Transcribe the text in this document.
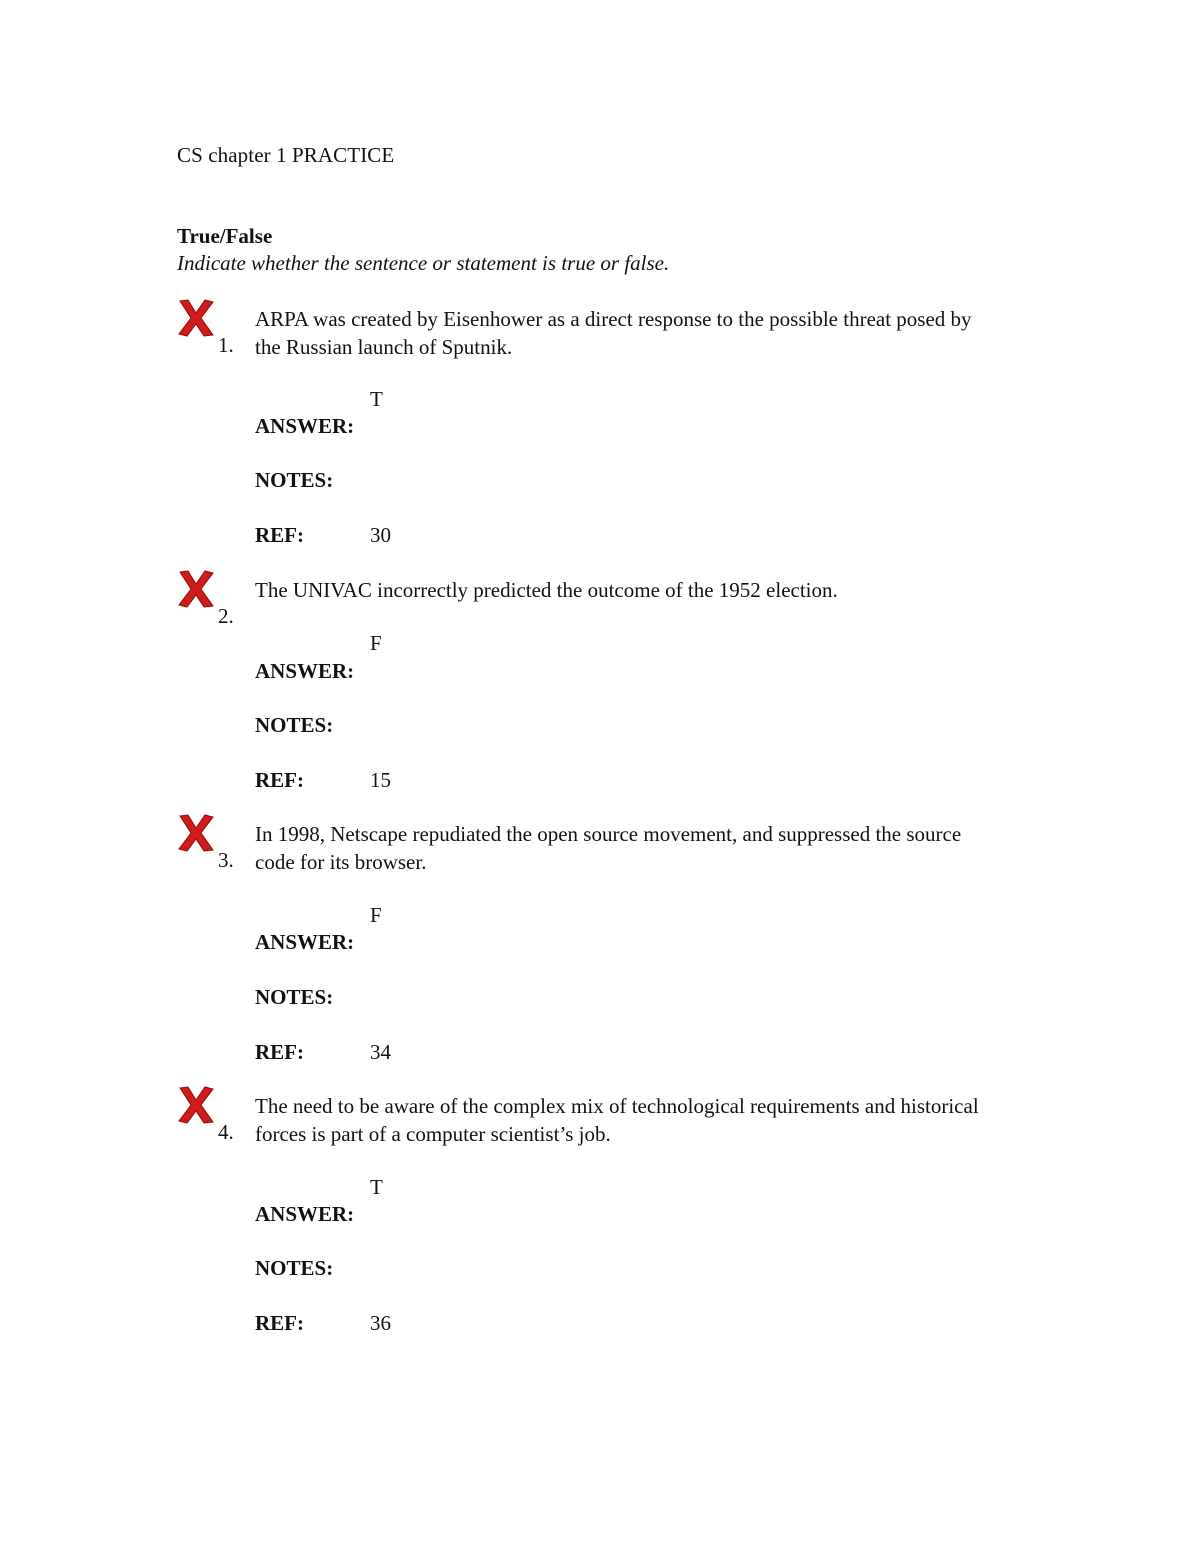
CS chapter 1 PRACTICE
True/False
Indicate whether the sentence or statement is true or false.
1.
ARPA was created by Eisenhower as a direct response to the possible threat posed by the Russian launch of Sputnik.
T
ANSWER:
NOTES:
REF:	30
2.
The UNIVAC incorrectly predicted the outcome of the 1952 election.
F
ANSWER:
NOTES:
REF:	15
3.
In 1998, Netscape repudiated the open source movement, and suppressed the source code for its browser.
F
ANSWER:
NOTES:
REF:	34
4.
The need to be aware of the complex mix of technological requirements and historical forces is part of a computer scientist’s job.
T
ANSWER:
NOTES:
REF:	36
